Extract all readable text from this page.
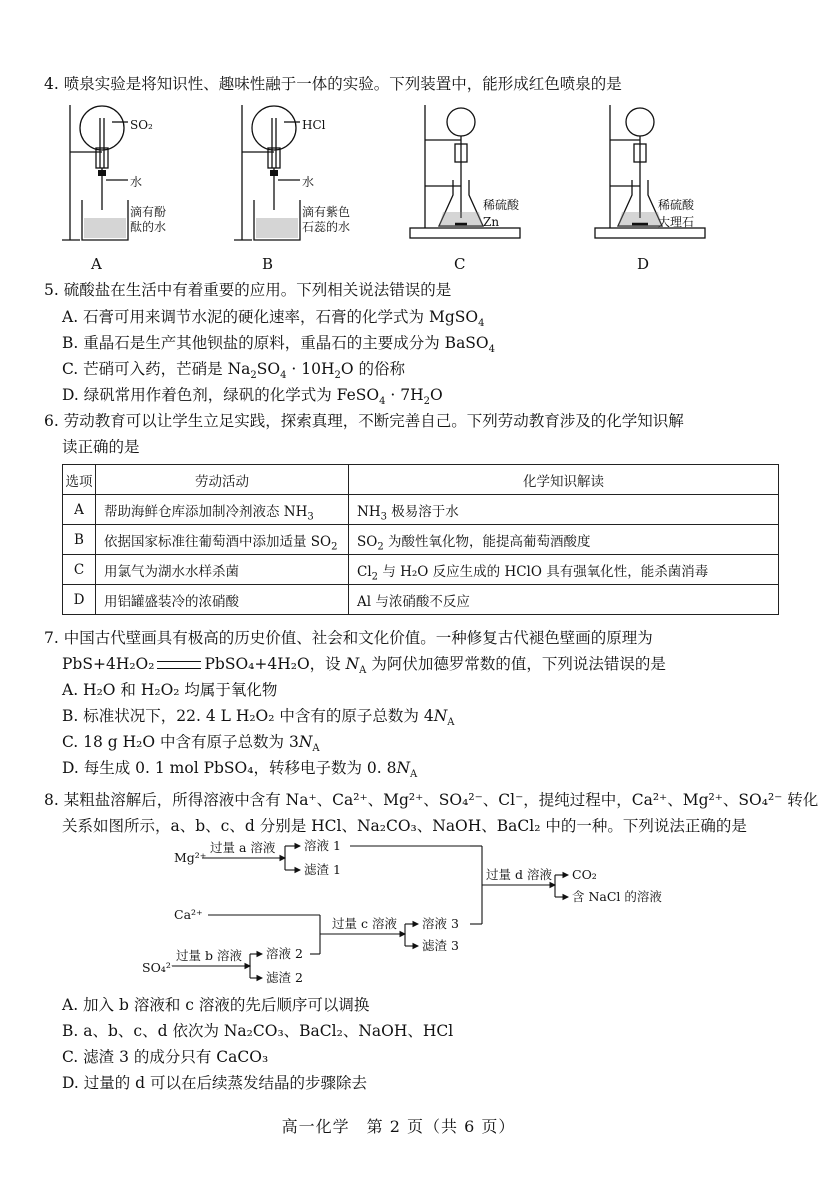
4. 喷泉实验是将知识性、趣味性融于一体的实验。下列装置中，能形成红色喷泉的是
SO₂
水
滴有酚
酞的水
A
HCl
水
滴有紫色
石蕊的水
B
稀硫酸
Zn
C
稀硫酸
大理石
D
5. 硫酸盐在生活中有着重要的应用。下列相关说法错误的是
A. 石膏可用来调节水泥的硬化速率，石膏的化学式为 MgSO$_4$
B. 重晶石是生产其他钡盐的原料，重晶石的主要成分为 BaSO$_4$
C. 芒硝可入药，芒硝是 $Na_2SO_4 \cdot 10H_2O$ 的俗称
D. 绿矾常用作着色剂，绿矾的化学式为 FeSO$_4$ · $7H_2O$
6. 劳动教育可以让学生立足实践，探索真理，不断完善自己。下列劳动教育涉及的化学知识解
读正确的是
选项	劳动活动	化学知识解读
A	帮助海鲜仓库添加制冷剂液态 $NH_3$	$NH_3$ 极易溶于水
B	依据国家标准往葡萄酒中添加适量 $SO_2$	$SO_2$ 为酸性氧化物，能提高葡萄酒酸度
C	用氯气为湖水水样杀菌	$Cl_2$ 与 H₂O 反应生成的 HClO 具有强氧化性，能杀菌消毒
D	用铝罐盛装冷的浓硝酸	Al 与浓硝酸不反应
7. 中国古代壁画具有极高的历史价值、社会和文化价值。一种修复古代褪色壁画的原理为
PbS+4H₂O₂	PbSO₄+4H₂O，设 $N_A$ 为阿伏加德罗常数的值，下列说法错误的是
A. H₂O 和 H₂O₂ 均属于氧化物
B. 标准状况下，22. 4 L H₂O₂ 中含有的原子总数为 $4N_A$
C. 18 g H₂O 中含有原子总数为 $3N_A$
D. 每生成 0. 1 mol PbSO₄，转移电子数为 0. $8N_A$
8. 某粗盐溶解后，所得溶液中含有 Na⁺、Ca²⁺、Mg²⁺、SO₄²⁻、Cl⁻，提纯过程中，Ca²⁺、Mg²⁺、SO₄²⁻ 转化
关系如图所示，a、b、c、d 分别是 HCl、Na₂CO₃、NaOH、BaCl₂ 中的一种。下列说法正确的是
Mg²⁺
过量 a 溶液 溶液 1
滤渣 1
Ca²⁺
SO₄²⁻
过量 b 溶液 溶液 2
滤渣 2
过量 c 溶液 溶液 3
滤渣 3
过量 d 溶液 CO₂
含 NaCl 的溶液
A. 加入 b 溶液和 c 溶液的先后顺序可以调换
B. a、b、c、d 依次为 Na₂CO₃、BaCl₂、NaOH、HCl
C. 滤渣 3 的成分只有 CaCO₃
D. 过量的 d 可以在后续蒸发结晶的步骤除去
高一化学　第 2 页（共 6 页）
